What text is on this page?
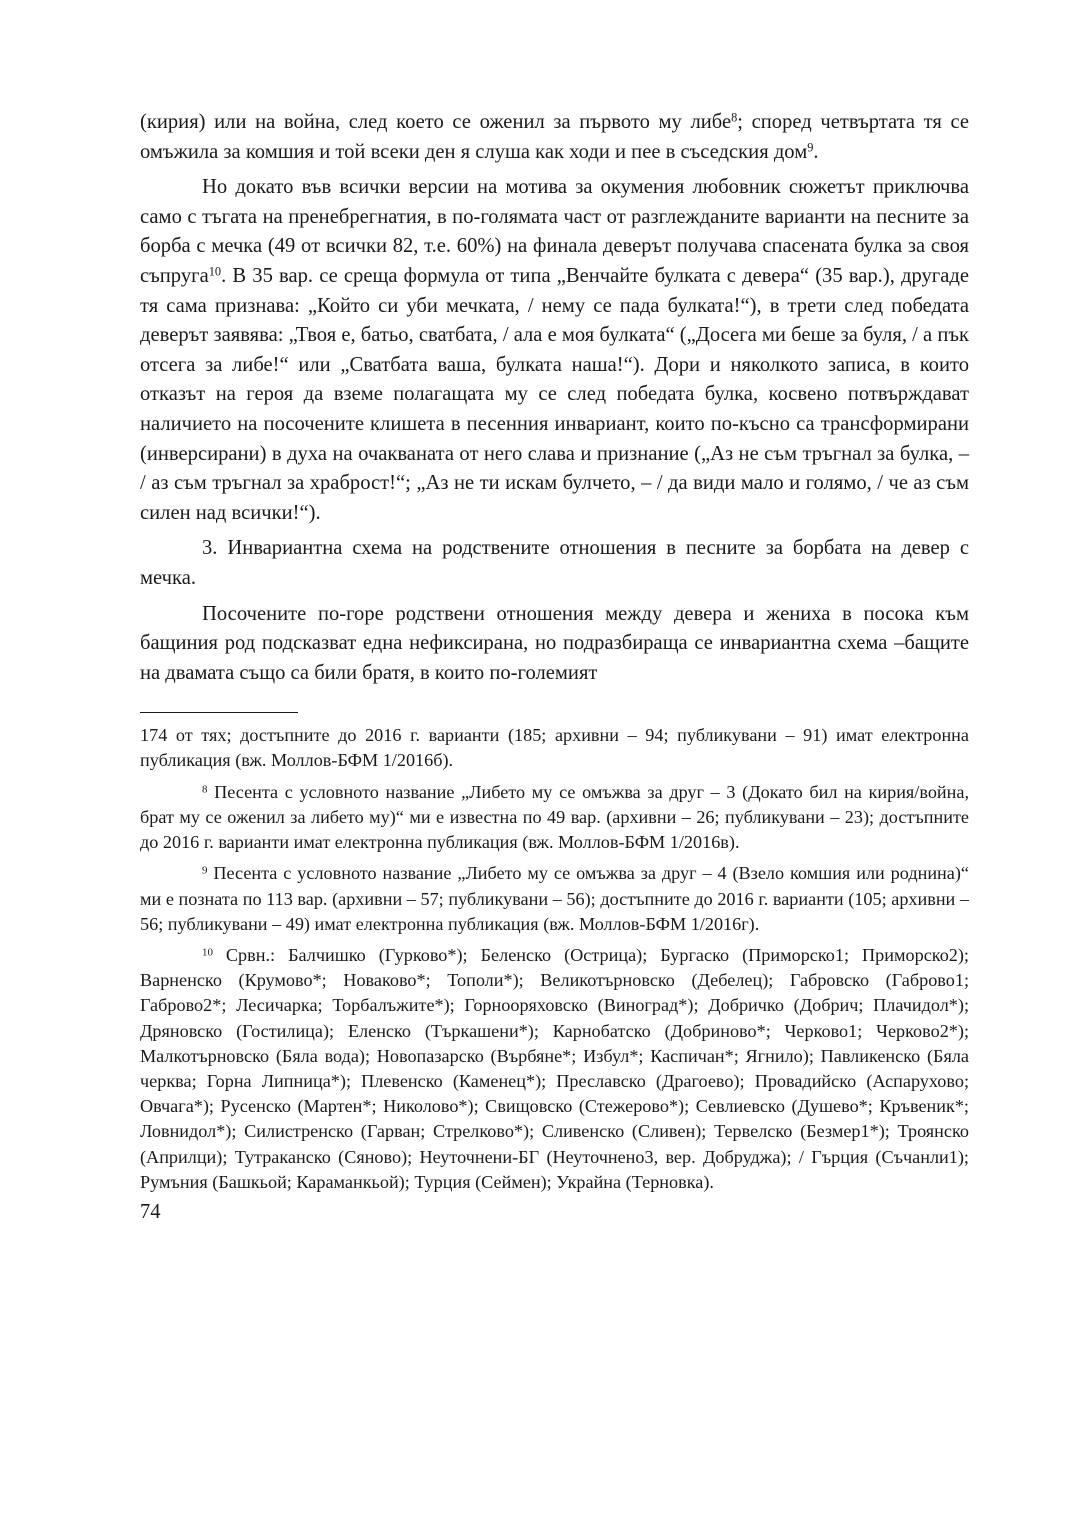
(кирия) или на война, след което се оженил за първото му либе$^8$; според четвъртата тя се омъжила за комшия и той всеки ден я слуша как ходи и пее в съседския дом$^9$.

Но докато във всички версии на мотива за окумения любовник сюжетът приключва само с тъгата на пренебрегнатия, в по-голямата част от разглежданите варианти на песните за борба с мечка (49 от всички 82, т.е. 60%) на финала деверът получава спасената булка за своя съпруга$^{10}$. В 35 вар. се среща формула от типа „Венчайте булката с девера“ (35 вар.), другаде тя сама признава: „Който си уби мечката, / нему се пада булката!“), в трети след победата деверът заявява: „Твоя е, батьо, сватбата, / ала е моя булката“ („Досега ми беше за буля, / а пък отсега за либе!“ или „Сватбата ваша, булката наша!“). Дори и няколкото записа, в които отказът на героя да вземе полагащата му се след победата булка, косвено потвърждават наличието на посочените клишета в песенния инвариант, които по-късно са трансформирани (инверсирани) в духа на очакваната от него слава и признание („Аз не съм тръгнал за булка, – / аз съм тръгнал за храброст!“; „Аз не ти искам булчето, – / да види мало и голямо, / че аз съм силен над всички!“).

3. Инвариантна схема на родствените отношения в песните за борбата на девер с мечка.

Посочените по-горе родствени отношения между девера и жениха в посока към бащиния род подсказват една нефиксирана, но подразбираща се инвариантна схема –бащите на двамата също са били братя, в които по-големият

174 от тях; достъпните до 2016 г. варианти (185; архивни – 94; публикувани – 91) имат електронна публикация (вж. Моллов-БФМ 1/2016б).

$^8$ Песента с условното название „Либето му се омъжва за друг – 3 (Докато бил на кирия/война, брат му се оженил за либето му)“ ми е известна по 49 вар. (архивни – 26; публикувани – 23); достъпните до 2016 г. варианти имат електронна публикация (вж. Моллов-БФМ 1/2016в).

$^9$ Песента с условното название „Либето му се омъжва за друг – 4 (Взело комшия или роднина)“ ми е позната по 113 вар. (архивни – 57; публикувани – 56); достъпните до 2016 г. варианти (105; архивни – 56; публикувани – 49) имат електронна публикация (вж. Моллов-БФМ 1/2016г).

$^{10}$ Срвн.: Балчишко (Гурково*); Беленско (Острица); Бургаско (Приморско1; Приморско2); Варненско (Крумово*; Новаково*; Тополи*); Великотърновско (Дебелец); Габровско (Габрово1; Габрово2*; Лесичарка; Торбалъжите*); Горнооряховско (Виноград*); Добричко (Добрич; Плачидол*); Дряновско (Гостилица); Еленско (Търкашени*); Карнобатско (Добриново*; Черково1; Черково2*); Малкотърновско (Бяла вода); Новопазарско (Върбяне*; Избул*; Каспичан*; Ягнило); Павликенско (Бяла черква; Горна Липница*); Плевенско (Каменец*); Преславско (Драгоево); Провадийско (Аспарухово; Овчага*); Русенско (Мартен*; Николово*); Свищовско (Стежерово*); Севлиевско (Душево*; Кръвеник*; Ловнидол*); Силистренско (Гарван; Стрелково*); Сливенско (Сливен); Тервелско (Безмер1*); Троянско (Априлци); Тутраканско (Сяново); Неуточнени-БГ (Неуточнено3, вер. Добруджа); / Гърция (Съчанли1); Румъния (Башкьой; Караманкьой); Турция (Сеймен); Украйна (Терновка).

74
